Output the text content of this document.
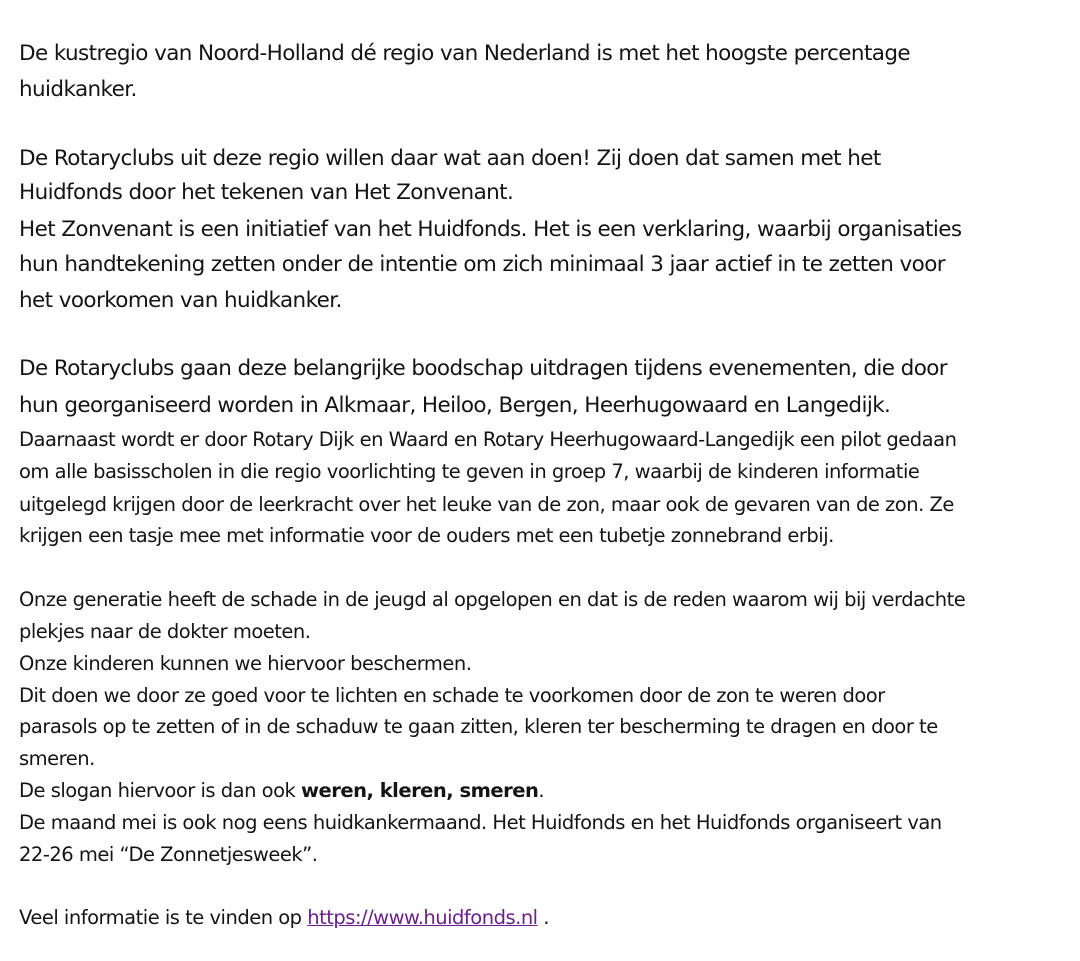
De kustregio van Noord-Holland dé regio van Nederland is met het hoogste percentage
huidkanker.
De Rotaryclubs uit deze regio willen daar wat aan doen! Zij doen dat samen met het
Huidfonds door het tekenen van Het Zonvenant.
Het Zonvenant is een initiatief van het Huidfonds. Het is een verklaring, waarbij organisaties
hun handtekening zetten onder de intentie om zich minimaal 3 jaar actief in te zetten voor
het voorkomen van huidkanker.
De Rotaryclubs gaan deze belangrijke boodschap uitdragen tijdens evenementen, die door
hun georganiseerd worden in Alkmaar, Heiloo, Bergen, Heerhugowaard en Langedijk.
Daarnaast wordt er door Rotary Dijk en Waard en Rotary Heerhugowaard-Langedijk een pilot gedaan
om alle basisscholen in die regio voorlichting te geven in groep 7, waarbij de kinderen informatie
uitgelegd krijgen door de leerkracht over het leuke van de zon, maar ook de gevaren van de zon. Ze
krijgen een tasje mee met informatie voor de ouders met een tubetje zonnebrand erbij.
Onze generatie heeft de schade in de jeugd al opgelopen en dat is de reden waarom wij bij verdachte
plekjes naar de dokter moeten.
Onze kinderen kunnen we hiervoor beschermen.
Dit doen we door ze goed voor te lichten en schade te voorkomen door de zon te weren door
parasols op te zetten of in de schaduw te gaan zitten, kleren ter bescherming te dragen en door te
smeren.
De slogan hiervoor is dan ook weren, kleren, smeren.
De maand mei is ook nog eens huidkankermaand. Het Huidfonds en het Huidfonds organiseert van
22-26 mei “De Zonnetjesweek”.
Veel informatie is te vinden op https://www.huidfonds.nl .
